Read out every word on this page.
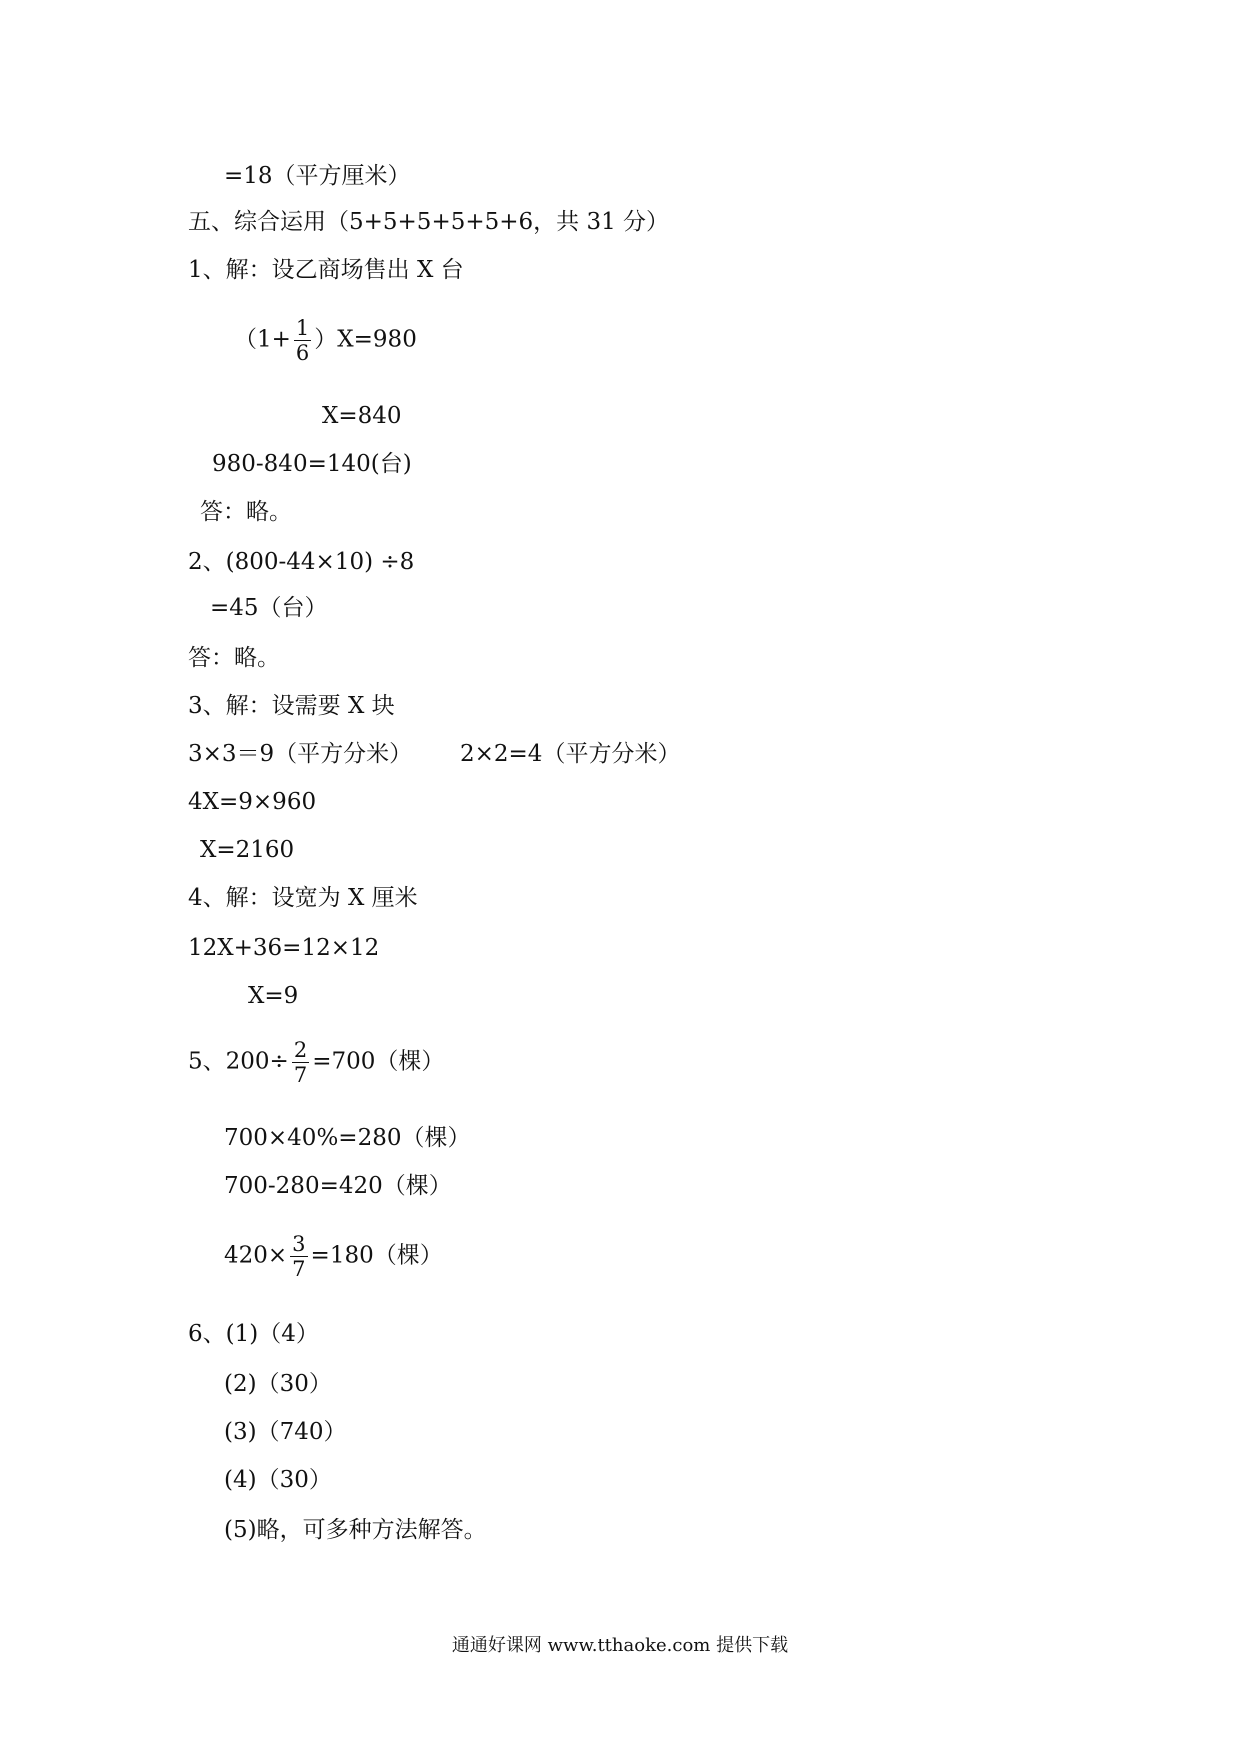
=18（平方厘米）
五、综合运用（5+5+5+5+5+6，共 31 分）
1、解：设乙商场售出 X 台
$(1+ \frac{1}{6} )X=980$
X=840
980-840=140(台)
答：略。
2、(800-44×10) ÷8
=45（台）
答：略。
3、解：设需要 X 块
3×3＝9（平方分米） 2×2=4（平方分米）
4X=9×960
X=2160
4、解：设宽为 X 厘米
12X+36=12×12
X=9
5、$200\div \frac{2}{7} =700$（棵）
700×40%=280（棵）
700-280=420（棵）
$420\times \frac{3}{7} =180$（棵）
6、(1)（4）
(2)（30）
(3)（740）
(4)（30）
(5)略，可多种方法解答。
通通好课网 www.tthaoke.com 提供下载
